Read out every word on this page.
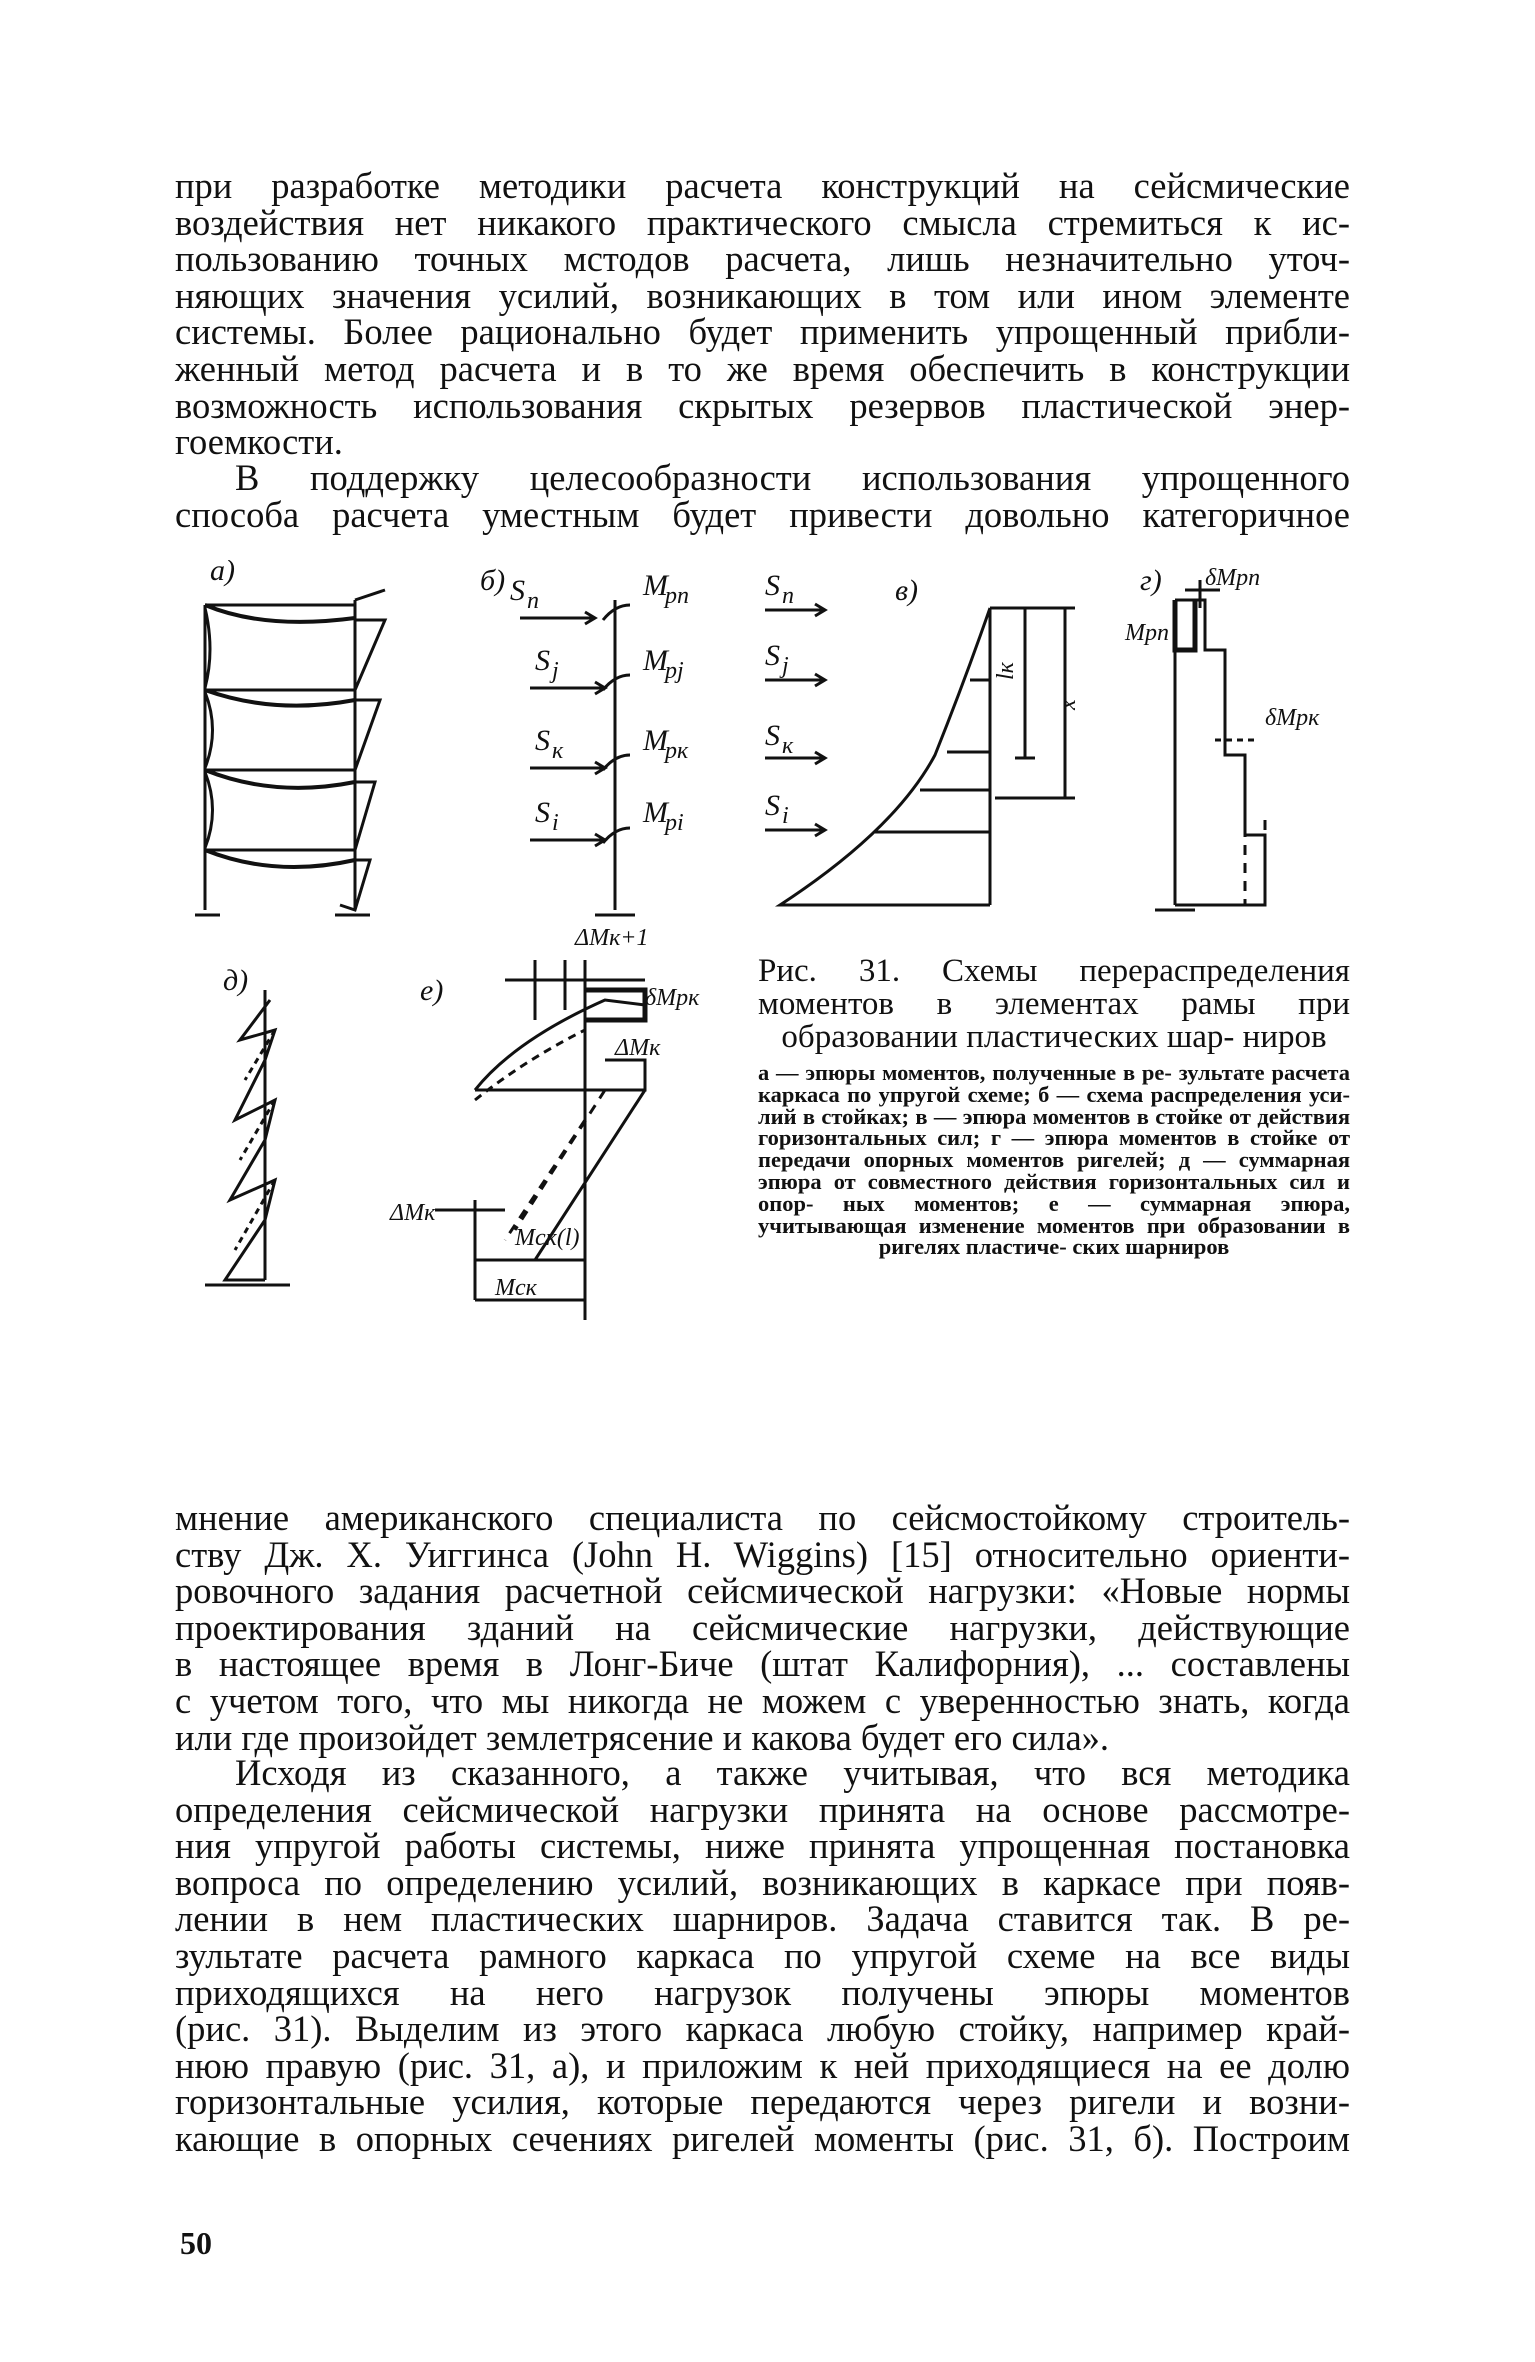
при разработке методики расчета конструкций на сейсмические
воздействия нет никакого практического смысла стремиться к ис-
пользованию точных мстодов расчета, лишь незначительно уточ-
няющих значения усилий, возникающих в том или ином элементе
системы. Более рационально будет применить упрощенный прибли-
женный метод расчета и в то же время обеспечить в конструкции
возможность использования скрытых резервов пластической энер-
гоемкости.
В поддержку целесообразности использования упрощенного
способа расчета уместным будет привести довольно категоричное
а)	б) S n
S j
S к
S i
M
рn
M
рj
M
рк
M
рi
в)
S n
S j
S к
S i
lк
x
г) δMрn
Mрn
δMрк
д)	е)
ΔMк+1
δMрк
ΔMк
ΔMк
Mск(l)
Mск

Рис. 31. Схемы перераспределения моментов в элементах рамы при образовании пластических шар- ниров

а — эпюры моментов, полученные в ре- зультате расчета каркаса по упругой схеме; б — схема распределения уси- лий в стойках; в — эпюра моментов в стойке от действия горизонтальных сил; г — эпюра моментов в стойке от передачи опорных моментов ригелей; д — суммарная эпюра от совместного действия горизонтальных сил и опор- ных моментов; е — суммарная эпюра, учитывающая изменение моментов при образовании в ригелях пластиче- ских шарниров

мнение американского специалиста по сейсмостойкому строитель-
ству Дж. Х. Уиггинса (John H. Wiggins) [15] относительно ориенти-
ровочного задания расчетной сейсмической нагрузки: «Новые нормы
проектирования зданий на сейсмические нагрузки, действующие
в настоящее время в Лонг-Биче (штат Калифорния), ... составлены
с учетом того, что мы никогда не можем с уверенностью знать, когда
или где произойдет землетрясение и какова будет его сила».
Исходя из сказанного, а также учитывая, что вся методика
определения сейсмической нагрузки принята на основе рассмотре-
ния упругой работы системы, ниже принята упрощенная постановка
вопроса по определению усилий, возникающих в каркасе при появ-
лении в нем пластических шарниров. Задача ставится так. В ре-
зультате расчета рамного каркаса по упругой схеме на все виды
приходящихся на него нагрузок получены эпюры моментов
(рис. 31). Выделим из этого каркаса любую стойку, например край-
нюю правую (рис. 31, а), и приложим к ней приходящиеся на ее долю
горизонтальные усилия, которые передаются через ригели и возни-
кающие в опорных сечениях ригелей моменты (рис. 31, б). Построим
50
